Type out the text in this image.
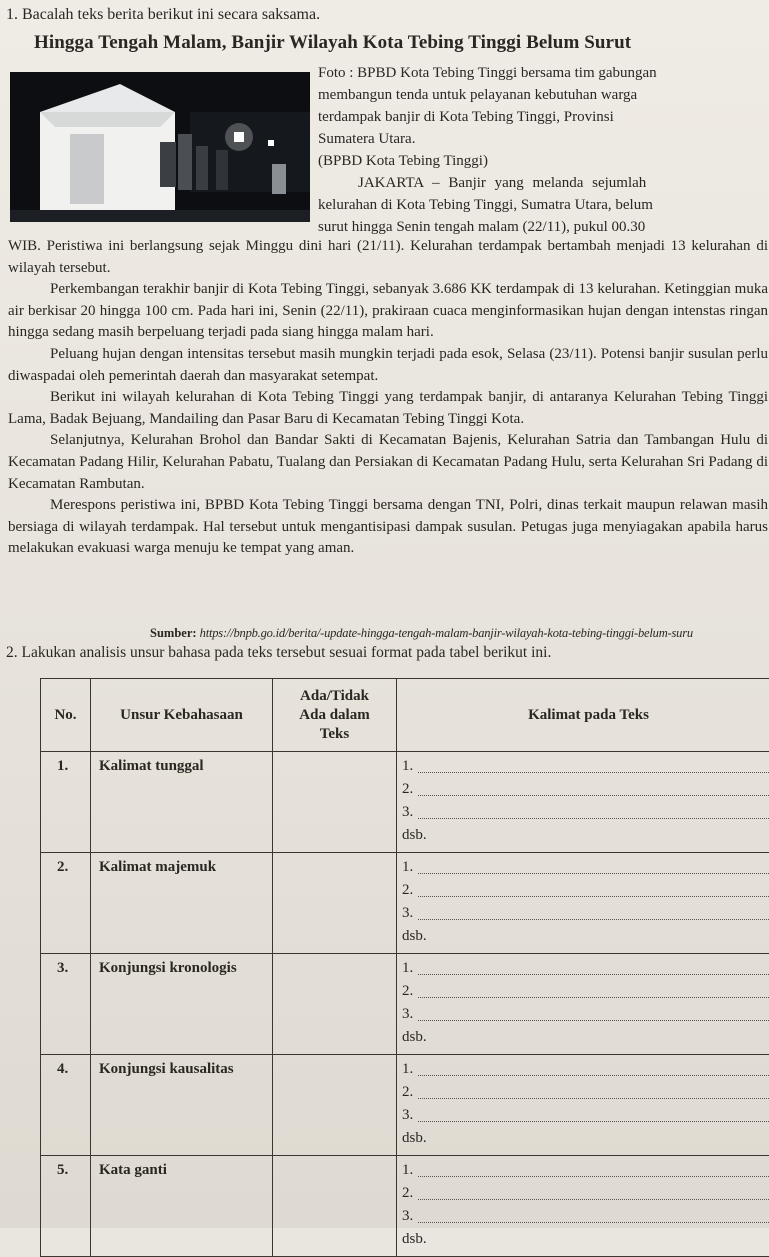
1. Bacalah teks berita berikut ini secara saksama.
Hingga Tengah Malam, Banjir Wilayah Kota Tebing Tinggi Belum Surut
Foto : BPBD Kota Tebing Tinggi bersama tim gabungan
membangun tenda untuk pelayanan kebutuhan warga
terdampak banjir di Kota Tebing Tinggi, Provinsi
Sumatera Utara.
(BPBD Kota Tebing Tinggi)
JAKARTA – Banjir yang melanda sejumlah
kelurahan di Kota Tebing Tinggi, Sumatra Utara, belum
surut hingga Senin tengah malam (22/11), pukul 00.30

WIB. Peristiwa ini berlangsung sejak Minggu dini hari (21/11). Kelurahan terdampak bertambah menjadi 13 kelurahan di wilayah tersebut.

Perkembangan terakhir banjir di Kota Tebing Tinggi, sebanyak 3.686 KK terdampak di 13 kelurahan. Ketinggian muka air berkisar 20 hingga 100 cm. Pada hari ini, Senin (22/11), prakiraan cuaca menginformasikan hujan dengan intenstas ringan hingga sedang masih berpeluang terjadi pada siang hingga malam hari.

Peluang hujan dengan intensitas tersebut masih mungkin terjadi pada esok, Selasa (23/11). Potensi banjir susulan perlu diwaspadai oleh pemerintah daerah dan masyarakat setempat.

Berikut ini wilayah kelurahan di Kota Tebing Tinggi yang terdampak banjir, di antaranya Kelurahan Tebing Tinggi Lama, Badak Bejuang, Mandailing dan Pasar Baru di Kecamatan Tebing Tinggi Kota.

Selanjutnya, Kelurahan Brohol dan Bandar Sakti di Kecamatan Bajenis, Kelurahan Satria dan Tambangan Hulu di Kecamatan Padang Hilir, Kelurahan Pabatu, Tualang dan Persiakan di Kecamatan Padang Hulu, serta Kelurahan Sri Padang di Kecamatan Rambutan.

Merespons peristiwa ini, BPBD Kota Tebing Tinggi bersama dengan TNI, Polri, dinas terkait maupun relawan masih bersiaga di wilayah terdampak. Hal tersebut untuk mengantisipasi dampak susulan. Petugas juga menyiagakan apabila harus melakukan evakuasi warga menuju ke tempat yang aman.

Sumber: https://bnpb.go.id/berita/-update-hingga-tengah-malam-banjir-wilayah-kota-tebing-tinggi-belum-suru
2. Lakukan analisis unsur bahasa pada teks tersebut sesuai format pada tabel berikut ini.
No.	Unsur Kebahasaan	Ada/Tidak
Ada dalam
Teks	Kalimat pada Teks
1.	Kalimat tunggal		1.
2.
3.
dsb.

2.	Kalimat majemuk		1.
2.
3.
dsb.

3.	Konjungsi kronologis		1.
2.
3.
dsb.

4.	Konjungsi kausalitas		1.
2.
3.
dsb.

5.	Kata ganti		1.
2.
3.
dsb.
